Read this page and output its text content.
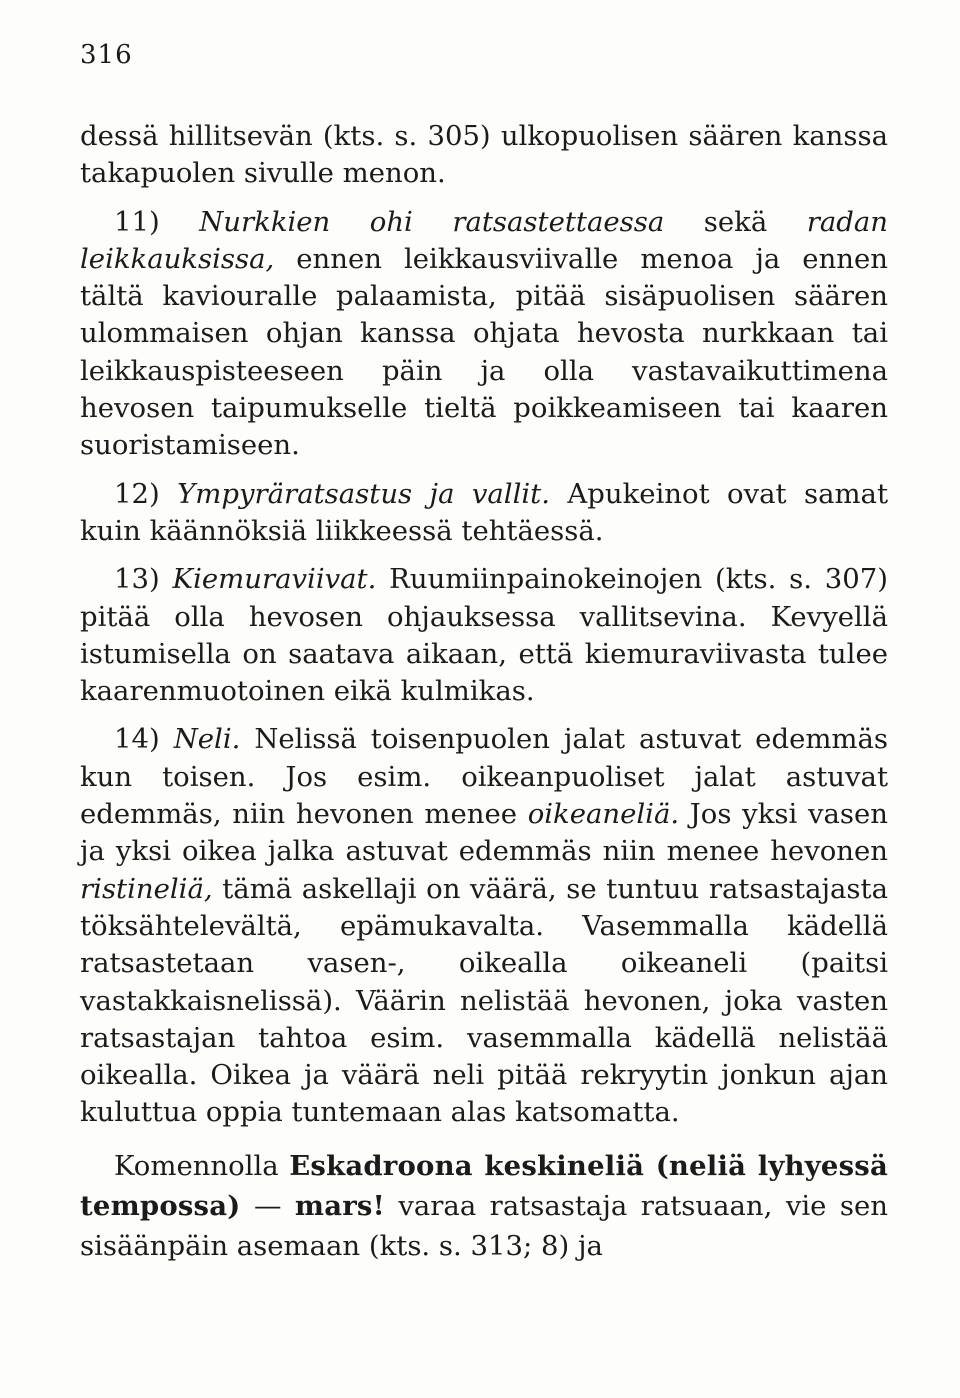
316

dessä hillitsevän (kts. s. 305) ulkopuolisen säären kanssa takapuolen sivulle menon.

11) Nurkkien ohi ratsastettaessa sekä radan leikkauksissa, ennen leikkausviivalle menoa ja ennen tältä kaviouralle palaamista, pitää sisäpuolisen säären ulommaisen ohjan kanssa ohjata hevosta nurkkaan tai leikkauspisteeseen päin ja olla vastavaikuttimena hevosen taipumukselle tieltä poikkeamiseen tai kaaren suoristamiseen.

12) Ympyräratsastus ja vallit. Apukeinot ovat samat kuin käännöksiä liikkeessä tehtäessä.

13) Kiemuraviivat. Ruumiinpainokeinojen (kts. s. 307) pitää olla hevosen ohjauksessa vallitsevina. Kevyellä istumisella on saatava aikaan, että kiemuraviivasta tulee kaarenmuotoinen eikä kulmikas.

14) Neli. Nelissä toisenpuolen jalat astuvat edemmäs kun toisen. Jos esim. oikeanpuoliset jalat astuvat edemmäs, niin hevonen menee oikeaneliä. Jos yksi vasen ja yksi oikea jalka astuvat edemmäs niin menee hevonen ristineliä, tämä askellaji on väärä, se tuntuu ratsastajasta töksähtelevältä, epämukavalta. Vasemmalla kädellä ratsastetaan vasen-, oikealla oikeaneli (paitsi vastakkaisnelissä). Väärin nelistää hevonen, joka vasten ratsastajan tahtoa esim. vasemmalla kädellä nelistää oikealla. Oikea ja väärä neli pitää rekryytin jonkun ajan kuluttua oppia tuntemaan alas katsomatta.

Komennolla Eskadroona keskineliä (neliä lyhyessä tempossa) — mars! varaa ratsastaja ratsuaan, vie sen sisäänpäin asemaan (kts. s. 313; 8) ja
